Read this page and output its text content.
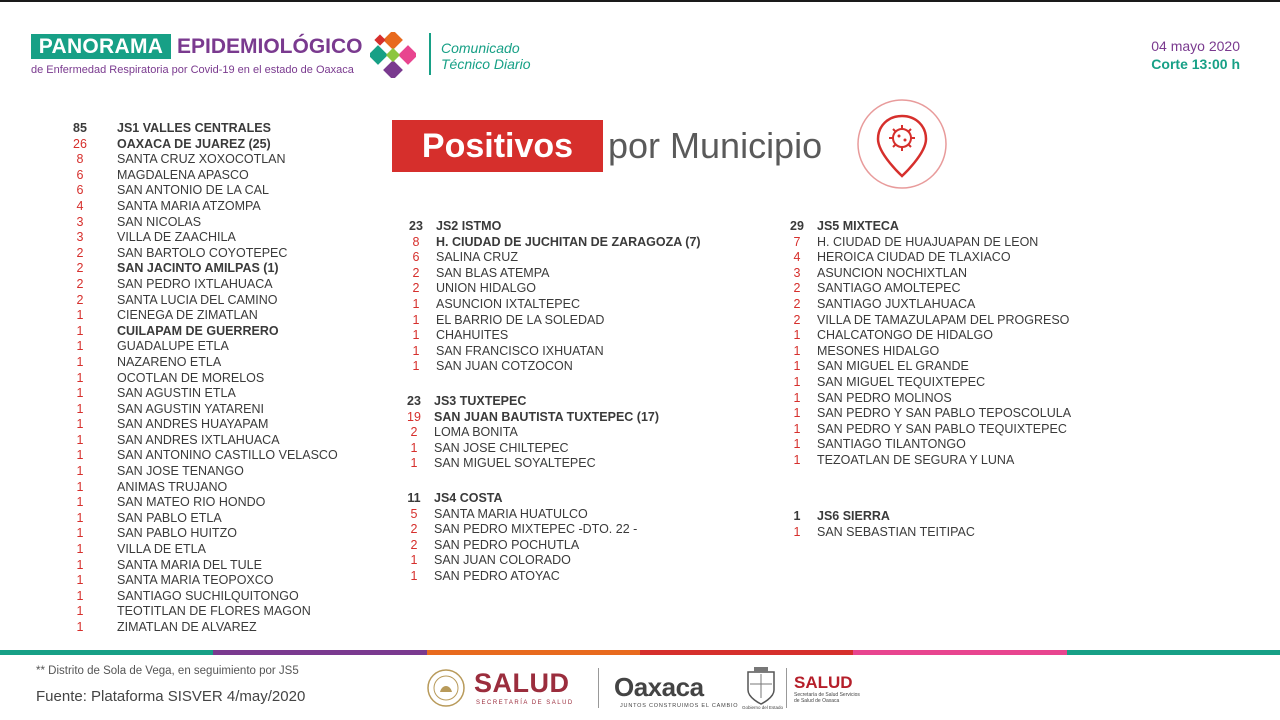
PANORAMA EPIDEMIOLÓGICO
de Enfermedad Respiratoria por Covid-19 en el estado de Oaxaca
Comunicado
Técnico Diario
04 mayo 2020
Corte 13:00 h
Positivos por Municipio
85	JS1 VALLES CENTRALES
26	OAXACA DE JUAREZ (25)
8	SANTA CRUZ XOXOCOTLAN
6	MAGDALENA APASCO
6	SAN ANTONIO DE LA CAL
4	SANTA MARIA ATZOMPA
3	SAN NICOLAS
3	VILLA DE ZAACHILA
2	SAN BARTOLO COYOTEPEC
2	SAN JACINTO AMILPAS (1)
2	SAN PEDRO IXTLAHUACA
2	SANTA LUCIA DEL CAMINO
1	CIENEGA DE ZIMATLAN
1	CUILAPAM DE GUERRERO
1	GUADALUPE ETLA
1	NAZARENO ETLA
1	OCOTLAN DE MORELOS
1	SAN AGUSTIN ETLA
1	SAN AGUSTIN YATARENI
1	SAN ANDRES HUAYAPAM
1	SAN ANDRES IXTLAHUACA
1	SAN ANTONINO CASTILLO VELASCO
1	SAN JOSE TENANGO
1	ANIMAS TRUJANO
1	SAN MATEO RIO HONDO
1	SAN PABLO ETLA
1	SAN PABLO HUITZO
1	VILLA DE ETLA
1	SANTA MARIA DEL TULE
1	SANTA MARIA TEOPOXCO
1	SANTIAGO SUCHILQUITONGO
1	TEOTITLAN DE FLORES MAGON
1	ZIMATLAN DE ALVAREZ
23	JS2 ISTMO
8	H. CIUDAD DE JUCHITAN DE ZARAGOZA (7)
6	SALINA CRUZ
2	SAN BLAS ATEMPA
2	UNION HIDALGO
1	ASUNCION IXTALTEPEC
1	EL BARRIO DE LA SOLEDAD
1	CHAHUITES
1	SAN FRANCISCO IXHUATAN
1	SAN JUAN COTZOCON
23	JS3 TUXTEPEC
19	SAN JUAN BAUTISTA TUXTEPEC (17)
2	LOMA BONITA
1	SAN JOSE CHILTEPEC
1	SAN MIGUEL SOYALTEPEC
11	JS4 COSTA
5	SANTA MARIA HUATULCO
2	SAN PEDRO MIXTEPEC -DTO. 22 -
2	SAN PEDRO POCHUTLA
1	SAN JUAN COLORADO
1	SAN PEDRO ATOYAC
29	JS5 MIXTECA
7	H. CIUDAD DE HUAJUAPAN DE LEON
4	HEROICA CIUDAD DE TLAXIACO
3	ASUNCION NOCHIXTLAN
2	SANTIAGO AMOLTEPEC
2	SANTIAGO JUXTLAHUACA
2	VILLA DE TAMAZULAPAM DEL PROGRESO
1	CHALCATONGO DE HIDALGO
1	MESONES HIDALGO
1	SAN MIGUEL EL GRANDE
1	SAN MIGUEL TEQUIXTEPEC
1	SAN PEDRO MOLINOS
1	SAN PEDRO Y SAN PABLO TEPOSCOLULA
1	SAN PEDRO Y SAN PABLO TEQUIXTEPEC
1	SANTIAGO TILANTONGO
1	TEZOATLAN DE SEGURA Y LUNA
1	JS6 SIERRA
1	SAN SEBASTIAN TEITIPAC
** Distrito de Sola de Vega, en seguimiento por JS5
Fuente: Plataforma SISVER 4/may/2020	SALUD
SECRETARÍA DE SALUD
Oaxaca
JUNTOS CONSTRUIMOS EL CAMBIO Gobierno del Estado
SALUD
Secretaría de Salud Servicios de Salud de Oaxaca
